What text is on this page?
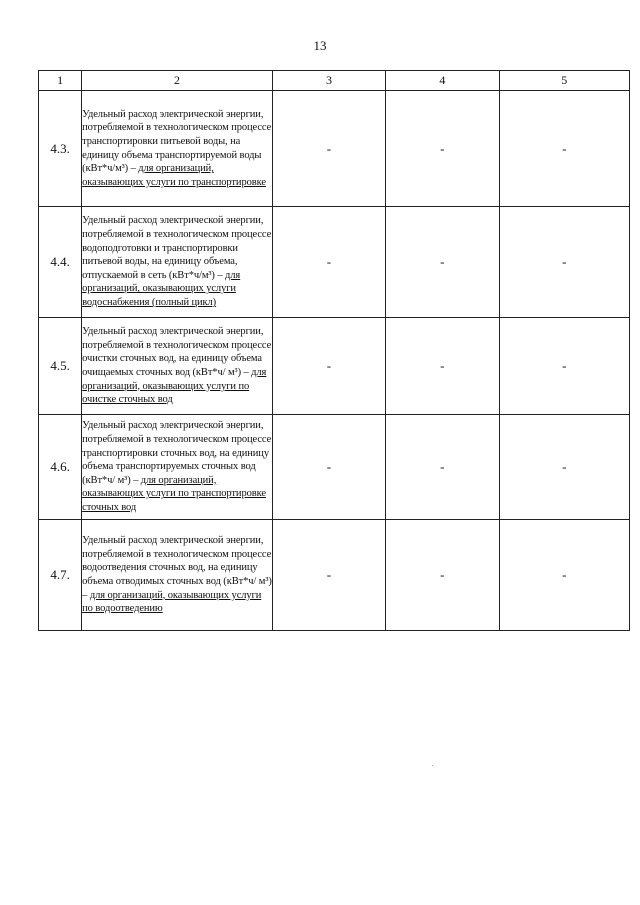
13
1	2	3	4	5
4.3.	Удельный расход электрической энергии, потребляемой в технологическом процессе транспортировки питьевой воды, на единицу объема транспортируемой воды (кВт*ч/м³) – для организаций, оказывающих услуги по транспортировке	-	-	-
4.4.	Удельный расход электрической энергии, потребляемой в технологическом процессе водоподготовки и транспортировки питьевой воды, на единицу объема, отпускаемой в сеть (кВт*ч/м³) – для организаций, оказывающих услуги водоснабжения (полный цикл)	-	-	-
4.5.	Удельный расход электрической энергии, потребляемой в технологическом процессе очистки сточных вод, на единицу объема очищаемых сточных вод (кВт*ч/ м³) – для организаций, оказывающих услуги по очистке сточных вод	-	-	-
4.6.	Удельный расход электрической энергии, потребляемой в технологическом процессе транспортировки сточных вод, на единицу объема транспортируемых сточных вод (кВт*ч/ м³) – для организаций, оказывающих услуги по транспортировке сточных вод	-	-	-
4.7.	Удельный расход электрической энергии, потребляемой в технологическом процессе водоотведения сточных вод, на единицу объема отводимых сточных вод (кВт*ч/ м³) – для организаций, оказывающих услуги по водоотведению	-	-	-
